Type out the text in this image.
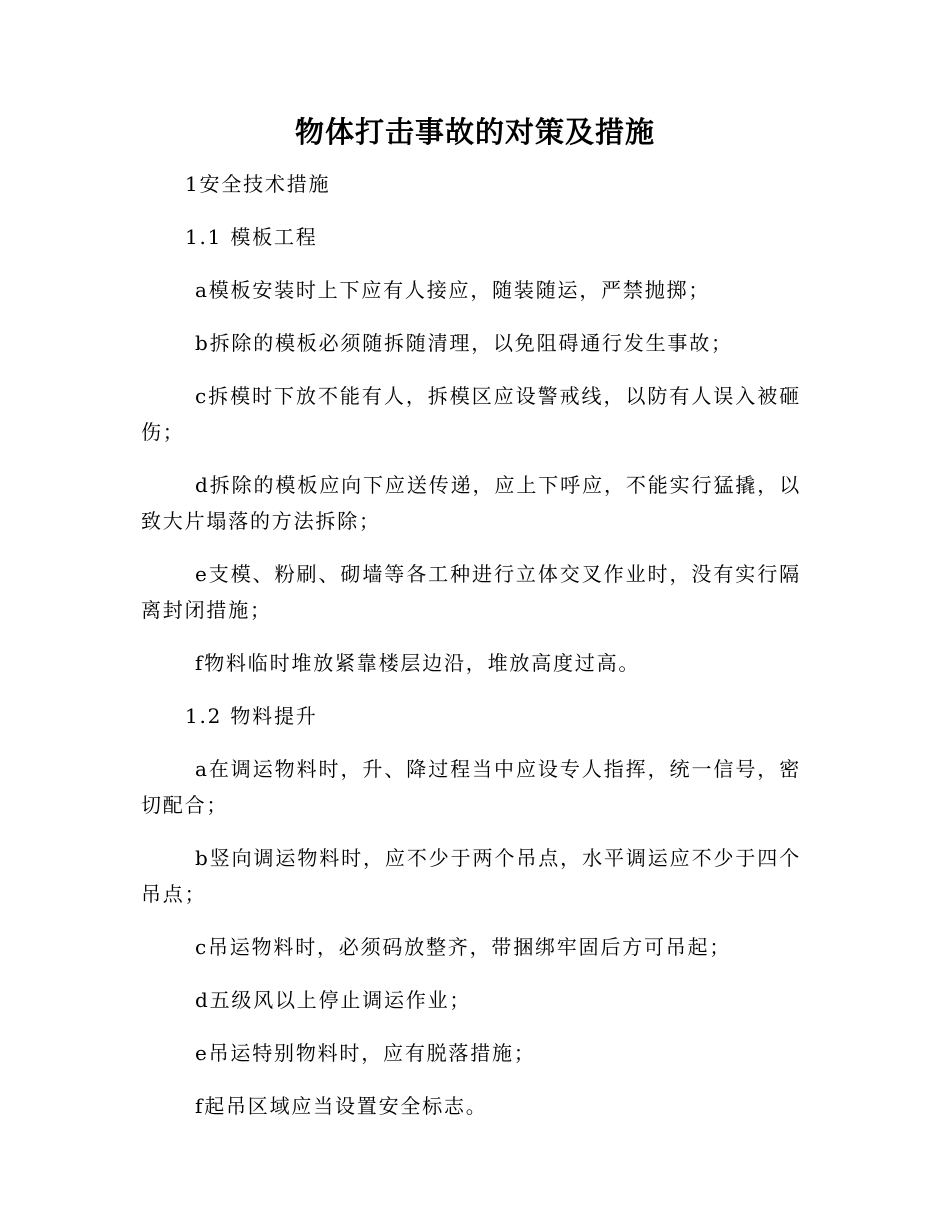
物体打击事故的对策及措施

1安全技术措施

1.1 模板工程

a模板安装时上下应有人接应，随装随运，严禁抛掷；

b拆除的模板必须随拆随清理，以免阻碍通行发生事故；

c拆模时下放不能有人，拆模区应设警戒线，以防有人误入被砸伤；

d拆除的模板应向下应送传递，应上下呼应，不能实行猛撬，以致大片塌落的方法拆除；

e支模、粉刷、砌墙等各工种进行立体交叉作业时，没有实行隔离封闭措施；

f物料临时堆放紧靠楼层边沿，堆放高度过高。

1.2 物料提升

a在调运物料时，升、降过程当中应设专人指挥，统一信号，密切配合；

b竖向调运物料时，应不少于两个吊点，水平调运应不少于四个吊点；

c吊运物料时，必须码放整齐，带捆绑牢固后方可吊起；

d五级风以上停止调运作业；

e吊运特别物料时，应有脱落措施；

f起吊区域应当设置安全标志。
